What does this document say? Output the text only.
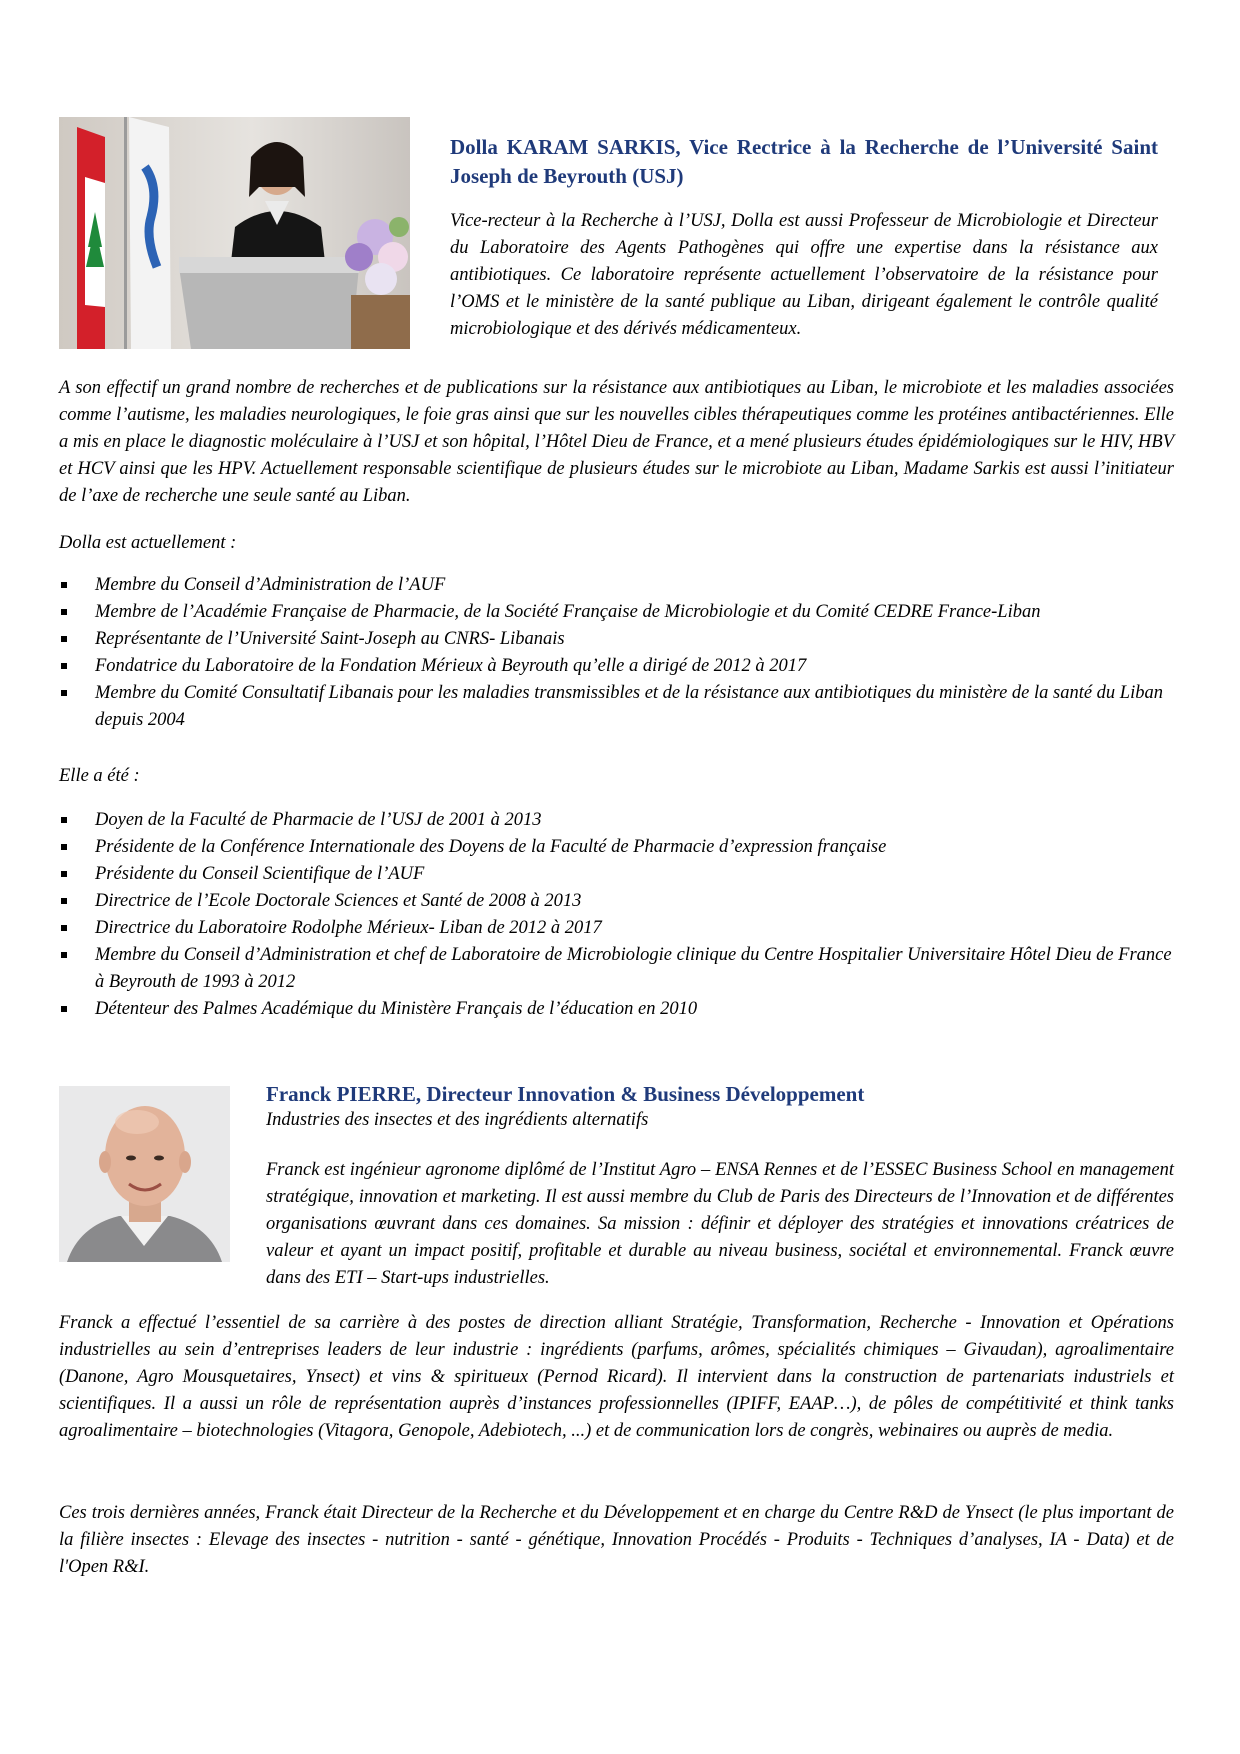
Dolla KARAM SARKIS, Vice Rectrice à la Recherche de l’Université Saint Joseph de Beyrouth (USJ)
Vice-recteur à la Recherche à l’USJ, Dolla est aussi Professeur de Microbiologie et Directeur du Laboratoire des Agents Pathogènes qui offre une expertise dans la résistance aux antibiotiques. Ce laboratoire représente actuellement l’observatoire de la résistance pour l’OMS et le ministère de la santé publique au Liban, dirigeant également le contrôle qualité microbiologique et des dérivés médicamenteux.
A son effectif un grand nombre de recherches et de publications sur la résistance aux antibiotiques au Liban, le microbiote et les maladies associées comme l’autisme, les maladies neurologiques, le foie gras ainsi que sur les nouvelles cibles thérapeutiques comme les protéines antibactériennes. Elle a mis en place le diagnostic moléculaire à l’USJ et son hôpital, l’Hôtel Dieu de France, et a mené plusieurs études épidémiologiques sur le HIV, HBV et HCV ainsi que les HPV. Actuellement responsable scientifique de plusieurs études sur le microbiote au Liban, Madame Sarkis est aussi l’initiateur de l’axe de recherche une seule santé au Liban.
Dolla est actuellement :
Membre du Conseil d’Administration de l’AUF
Membre de l’Académie Française de Pharmacie, de la Société Française de Microbiologie et du Comité CEDRE France-Liban
Représentante de l’Université Saint-Joseph au CNRS- Libanais
Fondatrice du Laboratoire de la Fondation Mérieux à Beyrouth qu’elle a dirigé de 2012 à 2017
Membre du Comité Consultatif Libanais pour les maladies transmissibles et de la résistance aux antibiotiques du ministère de la santé du Liban depuis 2004
Elle a été :
Doyen de la Faculté de Pharmacie de l’USJ de 2001 à 2013
Présidente de la Conférence Internationale des Doyens de la Faculté de Pharmacie d’expression française
Présidente du Conseil Scientifique de l’AUF
Directrice de l’Ecole Doctorale Sciences et Santé de 2008 à 2013
Directrice du Laboratoire Rodolphe Mérieux- Liban de 2012 à 2017
Membre du Conseil d’Administration et chef de Laboratoire de Microbiologie clinique du Centre Hospitalier Universitaire Hôtel Dieu de France à Beyrouth de 1993 à 2012
Détenteur des Palmes Académique du Ministère Français de l’éducation en 2010
Franck PIERRE, Directeur Innovation & Business Développement
Industries des insectes et des ingrédients alternatifs
Franck est ingénieur agronome diplômé de l’Institut Agro – ENSA Rennes et de l’ESSEC Business School en management stratégique, innovation et marketing. Il est aussi membre du Club de Paris des Directeurs de l’Innovation et de différentes organisations œuvrant dans ces domaines. Sa mission : définir et déployer des stratégies et innovations créatrices de valeur et ayant un impact positif, profitable et durable au niveau business, sociétal et environnemental. Franck œuvre dans des ETI – Start-ups industrielles.
Franck a effectué l’essentiel de sa carrière à des postes de direction alliant Stratégie, Transformation, Recherche - Innovation et Opérations industrielles au sein d’entreprises leaders de leur industrie : ingrédients (parfums, arômes, spécialités chimiques – Givaudan), agroalimentaire (Danone, Agro Mousquetaires, Ynsect) et vins & spiritueux (Pernod Ricard). Il intervient dans la construction de partenariats industriels et scientifiques. Il a aussi un rôle de représentation auprès d’instances professionnelles (IPIFF, EAAP…), de pôles de compétitivité et think tanks agroalimentaire – biotechnologies (Vitagora, Genopole, Adebiotech, ...) et de communication lors de congrès, webinaires ou auprès de media.
Ces trois dernières années, Franck était Directeur de la Recherche et du Développement et en charge du Centre R&D de Ynsect (le plus important de la filière insectes : Elevage des insectes - nutrition - santé - génétique, Innovation Procédés - Produits - Techniques d’analyses, IA - Data) et de l'Open R&I.
